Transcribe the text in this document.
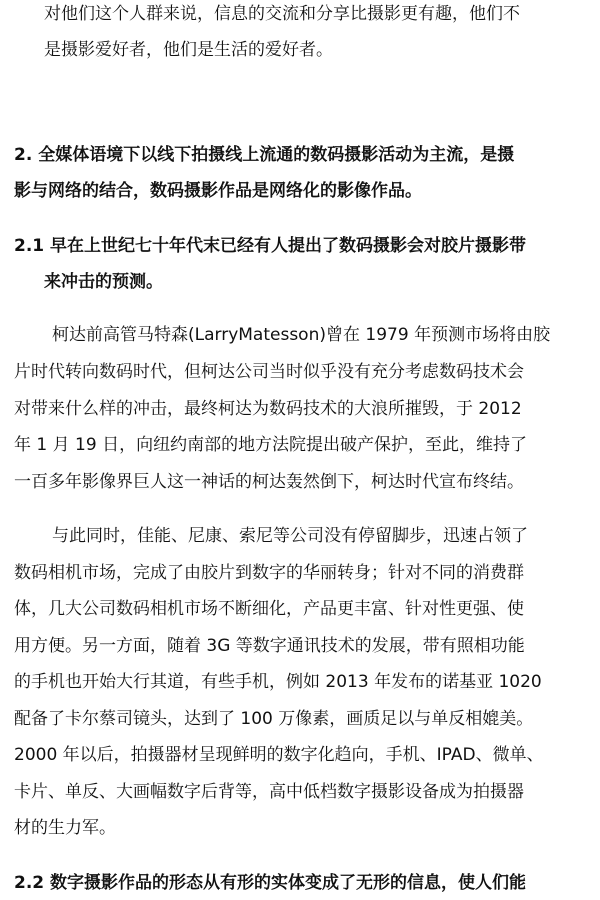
对他们这个人群来说，信息的交流和分享比摄影更有趣，他们不
是摄影爱好者，他们是生活的爱好者。
2. 全媒体语境下以线下拍摄线上流通的数码摄影活动为主流，是摄
影与网络的结合，数码摄影作品是网络化的影像作品。
2.1 早在上世纪七十年代末已经有人提出了数码摄影会对胶片摄影带
来冲击的预测。
柯达前高管马特森(LarryMatesson)曾在 1979 年预测市场将由胶
片时代转向数码时代，但柯达公司当时似乎没有充分考虑数码技术会
对带来什么样的冲击，最终柯达为数码技术的大浪所摧毁，于 2012
年 1 月 19 日，向纽约南部的地方法院提出破产保护，至此，维持了
一百多年影像界巨人这一神话的柯达轰然倒下，柯达时代宣布终结。
与此同时，佳能、尼康、索尼等公司没有停留脚步，迅速占领了
数码相机市场，完成了由胶片到数字的华丽转身；针对不同的消费群
体，几大公司数码相机市场不断细化，产品更丰富、针对性更强、使
用方便。另一方面，随着 3G 等数字通讯技术的发展，带有照相功能
的手机也开始大行其道，有些手机，例如 2013 年发布的诺基亚 1020
配备了卡尔蔡司镜头，达到了 100 万像素，画质足以与单反相媲美。
2000 年以后，拍摄器材呈现鲜明的数字化趋向，手机、IPAD、微单、
卡片、单反、大画幅数字后背等，高中低档数字摄影设备成为拍摄器
材的生力军。
2.2 数字摄影作品的形态从有形的实体变成了无形的信息，使人们能
